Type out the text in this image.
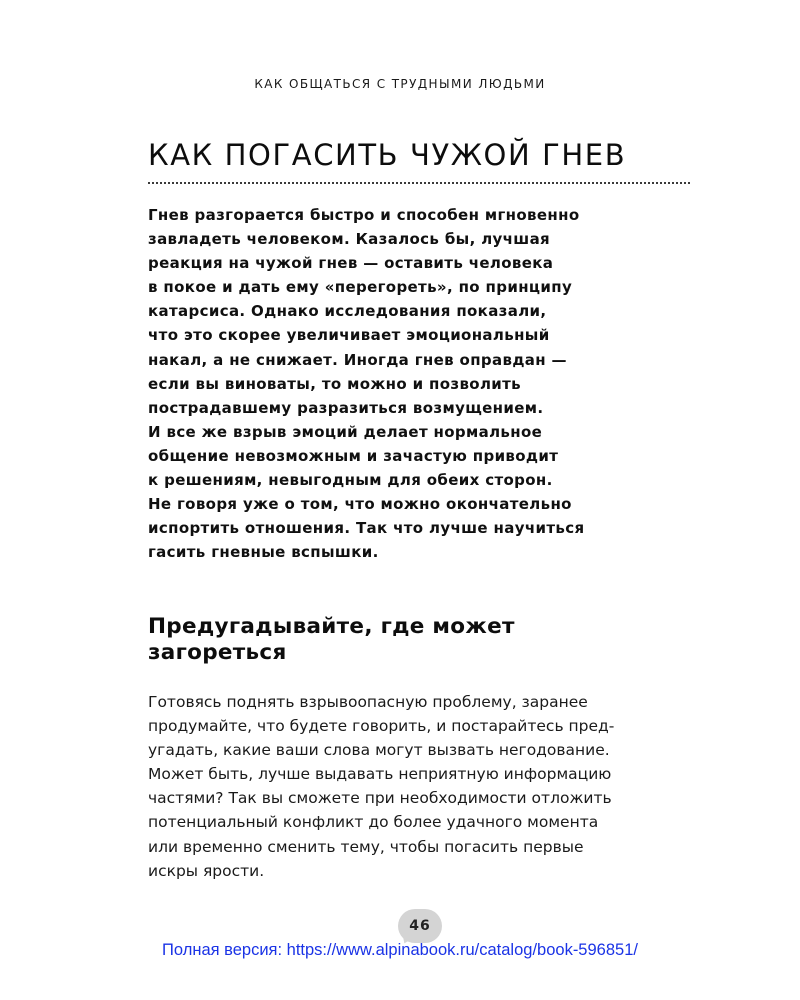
КАК ОБЩАТЬСЯ С ТРУДНЫМИ ЛЮДЬМИ
КАК ПОГАСИТЬ ЧУЖОЙ ГНЕВ
Гнев разгорается быстро и способен мгновенно
завладеть человеком. Казалось бы, лучшая
реакция на чужой гнев — оставить человека
в покое и дать ему «перегореть», по принципу
катарсиса. Однако исследования показали,
что это скорее увеличивает эмоциональный
накал, а не снижает. Иногда гнев оправдан —
если вы виноваты, то можно и позволить
пострадавшему разразиться возмущением.
И все же взрыв эмоций делает нормальное
общение невозможным и зачастую приводит
к решениям, невыгодным для обеих сторон.
Не говоря уже о том, что можно окончательно
испортить отношения. Так что лучше научиться
гасить гневные вспышки.
Предугадывайте, где может
загореться
Готовясь поднять взрывоопасную проблему, заранее
продумайте, что будете говорить, и постарайтесь пред-
угадать, какие ваши слова могут вызвать негодование.
Может быть, лучше выдавать неприятную информацию
частями? Так вы сможете при необходимости отложить
потенциальный конфликт до более удачного момента
или временно сменить тему, чтобы погасить первые
искры ярости.
46
Полная версия: https://www.alpinabook.ru/catalog/book-596851/
